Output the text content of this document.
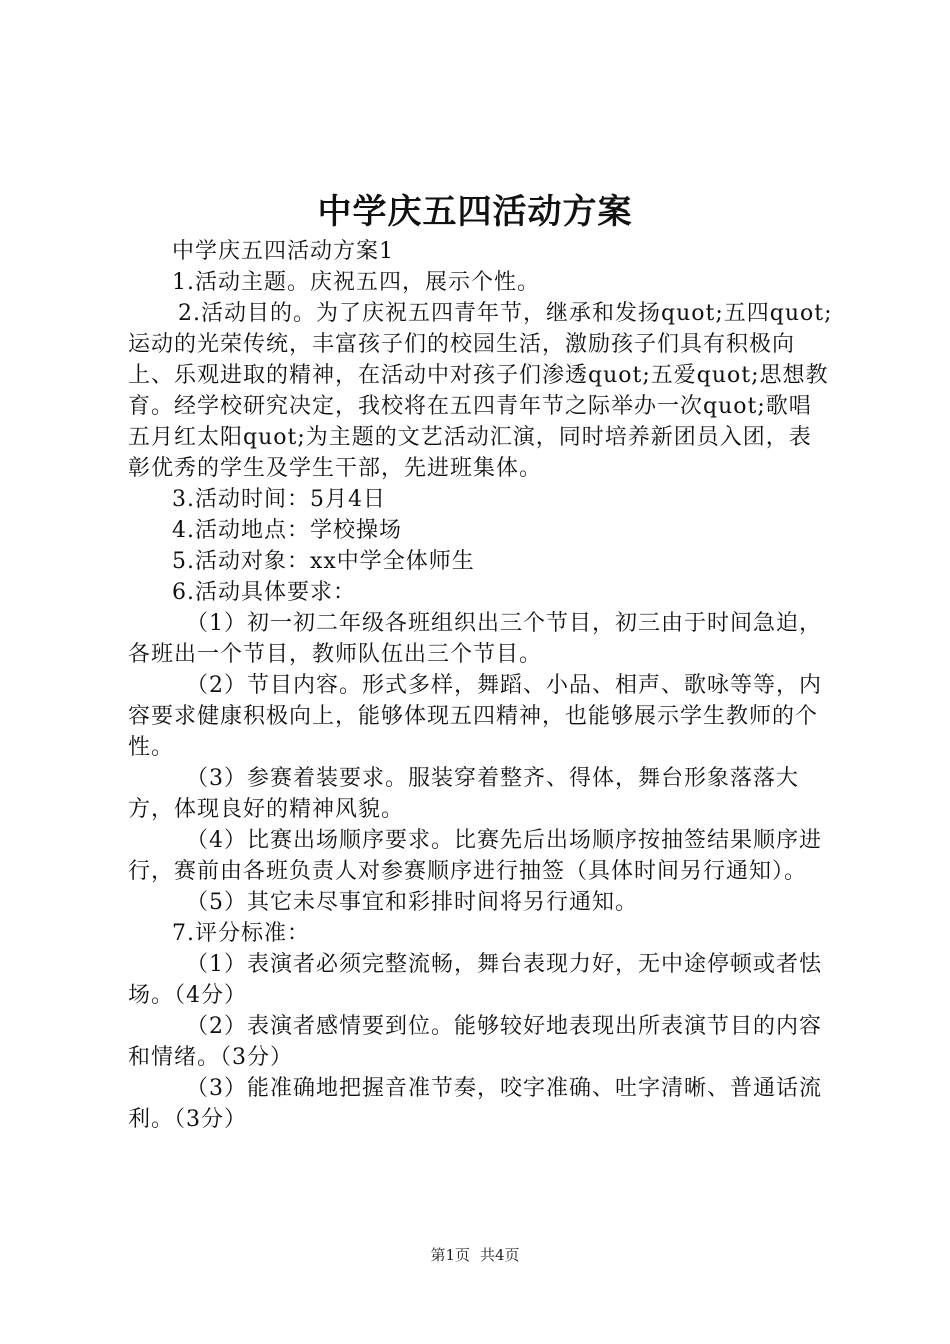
中学庆五四活动方案

中学庆五四活动方案1

1.活动主题。庆祝五四，展示个性。

2.活动目的。为了庆祝五四青年节，继承和发扬quot;五四quot;运动的光荣传统，丰富孩子们的校园生活，激励孩子们具有积极向上、乐观进取的精神，在活动中对孩子们渗透quot;五爱quot;思想教育。经学校研究决定，我校将在五四青年节之际举办一次quot;歌唱五月红太阳quot;为主题的文艺活动汇演，同时培养新团员入团，表彰优秀的学生及学生干部，先进班集体。

3.活动时间：5月4日

4.活动地点：学校操场

5.活动对象：xx中学全体师生

6.活动具体要求：

（1）初一初二年级各班组织出三个节目，初三由于时间急迫，各班出一个节目，教师队伍出三个节目。

（2）节目内容。形式多样，舞蹈、小品、相声、歌咏等等，内容要求健康积极向上，能够体现五四精神，也能够展示学生教师的个性。

（3）参赛着装要求。服装穿着整齐、得体，舞台形象落落大方，体现良好的精神风貌。

（4）比赛出场顺序要求。比赛先后出场顺序按抽签结果顺序进行，赛前由各班负责人对参赛顺序进行抽签（具体时间另行通知）。

（5）其它未尽事宜和彩排时间将另行通知。

7.评分标准：

（1）表演者必须完整流畅，舞台表现力好，无中途停顿或者怯场。（4分）

（2）表演者感情要到位。能够较好地表现出所表演节目的内容和情绪。（3分）

（3）能准确地把握音准节奏，咬字准确、吐字清晰、普通话流利。（3分）

第1页 共4页
